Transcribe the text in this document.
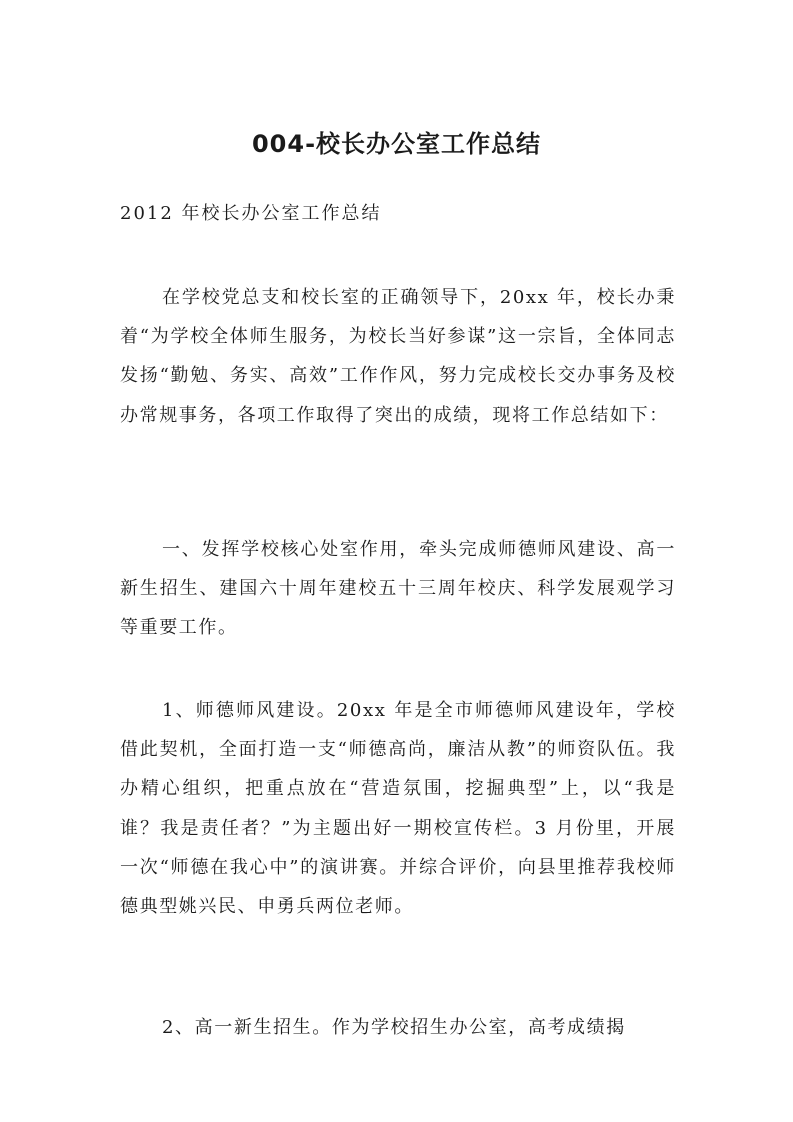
004-校长办公室工作总结

2012 年校长办公室工作总结

在学校党总支和校长室的正确领导下，20xx 年，校长办秉着“为学校全体师生服务，为校长当好参谋”这一宗旨，全体同志发扬“勤勉、务实、高效”工作作风，努力完成校长交办事务及校办常规事务，各项工作取得了突出的成绩，现将工作总结如下：

一、发挥学校核心处室作用，牵头完成师德师风建设、高一新生招生、建国六十周年建校五十三周年校庆、科学发展观学习等重要工作。

1、师德师风建设。20xx 年是全市师德师风建设年，学校借此契机，全面打造一支“师德高尚，廉洁从教”的师资队伍。我办精心组织，把重点放在“营造氛围，挖掘典型”上，以“我是谁？我是责任者？”为主题出好一期校宣传栏。3 月份里，开展一次“师德在我心中”的演讲赛。并综合评价，向县里推荐我校师德典型姚兴民、申勇兵两位老师。

2、高一新生招生。作为学校招生办公室，高考成绩揭
